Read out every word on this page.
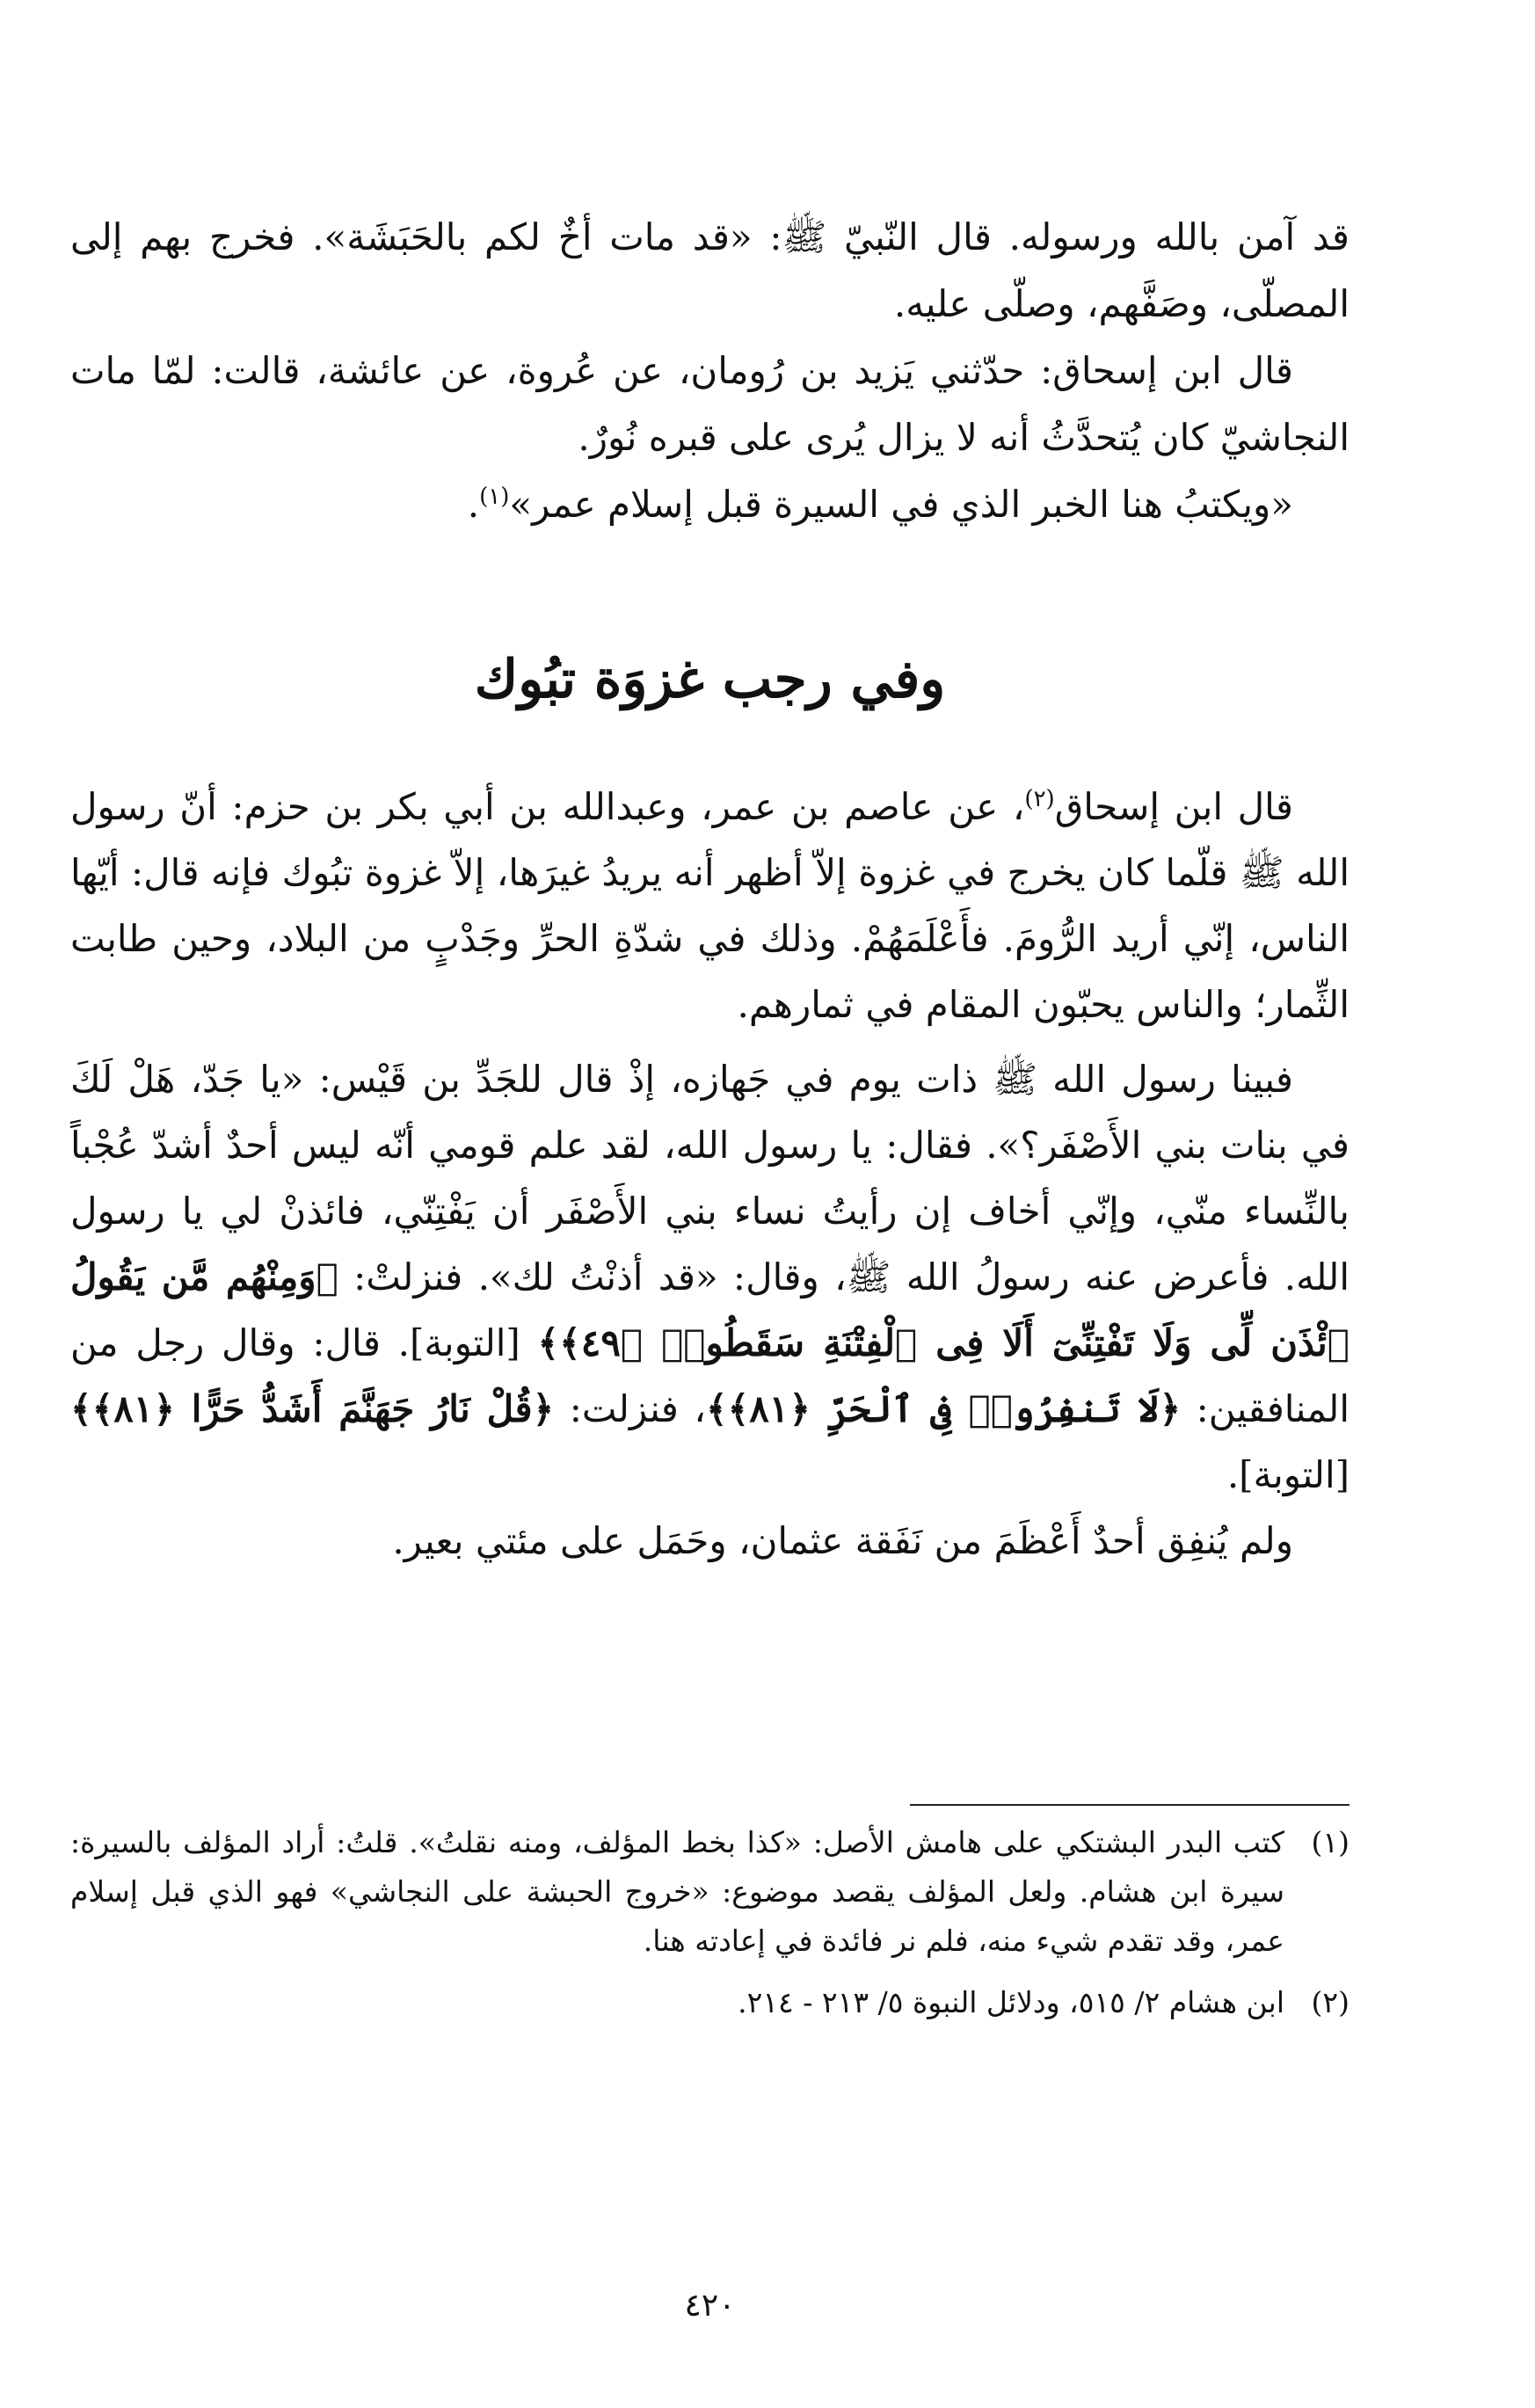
قد آمن بالله ورسوله. قال النّبيّ ﷺ: «قد مات أخٌ لكم بالحَبَشَة». فخرج بهم إلى المصلّى، وصَفَّهم، وصلّى عليه.

قال ابن إسحاق: حدّثني يَزيد بن رُومان، عن عُروة، عن عائشة، قالت: لمّا مات النجاشيّ كان يُتحدَّثُ أنه لا يزال يُرى على قبره نُورٌ.

«ويكتبُ هنا الخبر الذي في السيرة قبل إسلام عمر»$^{(١)}$.

وفي رجب غزوَة تبُوك

قال ابن إسحاق$^{(٢)}$، عن عاصم بن عمر، وعبدالله بن أبي بكر بن حزم: أنّ رسول الله ﷺ قلّما كان يخرج في غزوة إلاّ أظهر أنه يريدُ غيرَها، إلاّ غزوة تبُوك فإنه قال: أيّها الناس، إنّي أريد الرُّومَ. فأَعْلَمَهُمْ. وذلك في شدّةِ الحرِّ وجَدْبٍ من البلاد، وحين طابت الثِّمار؛ والناس يحبّون المقام في ثمارهم.

فبينا رسول الله ﷺ ذات يوم في جَهازه، إذْ قال للجَدِّ بن قَيْس: «يا جَدّ، هَلْ لَكَ في بنات بني الأَصْفَر؟». فقال: يا رسول الله، لقد علم قومي أنّه ليس أحدٌ أشدّ عُجْباً بالنِّساء منّي، وإنّي أخاف إن رأيتُ نساء بني الأَصْفَر أن يَفْتِنّي، فائذنْ لي يا رسول الله. فأعرض عنه رسولُ الله ﷺ، وقال: «قد أذنْتُ لك». فنزلتْ: ﴿وَمِنْهُم مَّن يَقُولُ ٱئْذَن لِّى وَلَا تَفْتِنِّىٓ أَلَا فِى ٱلْفِتْنَةِ سَقَطُوا۟ ﴿٤٩﴾﴾ [التوبة]. قال: وقال رجل من المنافقين: ﴿لَا تَنفِرُوا۟ فِى ٱلْحَرِّ ﴿٨١﴾﴾، فنزلت: ﴿قُلْ نَارُ جَهَنَّمَ أَشَدُّ حَرًّا ﴿٨١﴾﴾ [التوبة].

ولم يُنفِق أحدٌ أَعْظَمَ من نَفَقة عثمان، وحَمَل على مئتي بعير.

(١)
كتب البدر البشتكي على هامش الأصل: «كذا بخط المؤلف، ومنه نقلتُ». قلتُ: أراد المؤلف بالسيرة: سيرة ابن هشام. ولعل المؤلف يقصد موضوع: «خروج الحبشة على النجاشي» فهو الذي قبل إسلام عمر، وقد تقدم شيء منه، فلم نر فائدة في إعادته هنا.
(٢)
ابن هشام ٢/ ٥١٥، ودلائل النبوة ٥/ ٢١٣ - ٢١٤.
٤٢٠
